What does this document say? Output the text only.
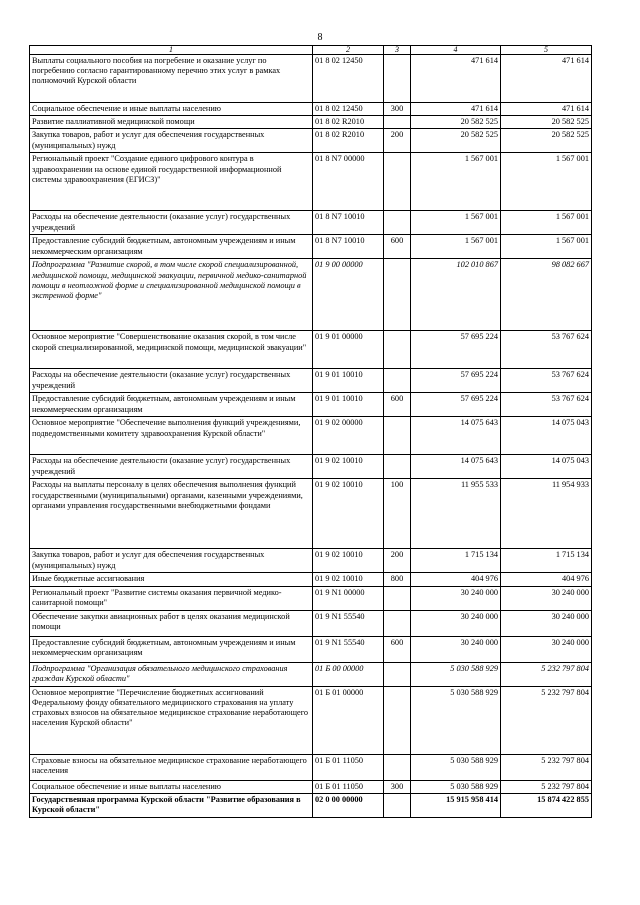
8
1	2	3	4	5
Выплаты социального пособия на погребение и оказание услуг по погребению согласно гарантированному перечню этих услуг в рамках полномочий Курской области	01 8 02 12450		471 614	471 614
Социальное обеспечение и иные выплаты населению	01 8 02 12450	300	471 614	471 614
Развитие паллиативной медицинской помощи	01 8 02 R2010		20 582 525	20 582 525
Закупка товаров, работ и услуг для обеспечения государственных (муниципальных) нужд	01 8 02 R2010	200	20 582 525	20 582 525
Региональный проект "Создание единого цифрового контура в здравоохранении на основе единой государственной информационной системы здравоохранения (ЕГИСЗ)"	01 8 N7 00000		1 567 001	1 567 001
Расходы на обеспечение деятельности (оказание услуг) государственных учреждений	01 8 N7 10010		1 567 001	1 567 001
Предоставление субсидий бюджетным, автономным учреждениям и иным некоммерческим организациям	01 8 N7 10010	600	1 567 001	1 567 001
Подпрограмма "Развитие скорой, в том числе скорой специализированной, медицинской помощи, медицинской эвакуации, первичной медико-санитарной помощи в неотложной форме и специализированной медицинской помощи в экстренной форме"	01 9 00 00000		102 010 867	98 082 667
Основное мероприятие "Совершенствование оказания скорой, в том числе скорой специализированной, медицинской помощи, медицинской эвакуации"	01 9 01 00000		57 695 224	53 767 624
Расходы на обеспечение деятельности (оказание услуг) государственных учреждений	01 9 01 10010		57 695 224	53 767 624
Предоставление субсидий бюджетным, автономным учреждениям и иным некоммерческим организациям	01 9 01 10010	600	57 695 224	53 767 624
Основное мероприятие "Обеспечение выполнения функций учреждениями, подведомственными комитету здравоохранения Курской области"	01 9 02 00000		14 075 643	14 075 043
Расходы на обеспечение деятельности (оказание услуг) государственных учреждений	01 9 02 10010		14 075 643	14 075 043
Расходы на выплаты персоналу в целях обеспечения выполнения функций государственными (муниципальными) органами, казенными учреждениями, органами управления государственными внебюджетными фондами	01 9 02 10010	100	11 955 533	11 954 933
Закупка товаров, работ и услуг для обеспечения государственных (муниципальных) нужд	01 9 02 10010	200	1 715 134	1 715 134
Иные бюджетные ассигнования	01 9 02 10010	800	404 976	404 976
Региональный проект "Развитие системы оказания первичной медико-санитарной помощи"	01 9 N1 00000		30 240 000	30 240 000
Обеспечение закупки авиационных работ в целях оказания медицинской помощи	01 9 N1 55540		30 240 000	30 240 000
Предоставление субсидий бюджетным, автономным учреждениям и иным некоммерческим организациям	01 9 N1 55540	600	30 240 000	30 240 000
Подпрограмма "Организация обязательного медицинского страхования граждан Курской области"	01 Б 00 00000		5 030 588 929	5 232 797 804
Основное мероприятие "Перечисление бюджетных ассигнований Федеральному фонду обязательного медицинского страхования на уплату страховых взносов на обязательное медицинское страхование неработающего населения Курской области"	01 Б 01 00000		5 030 588 929	5 232 797 804
Страховые взносы на обязательное медицинское страхование неработающего населения	01 Б 01 11050		5 030 588 929	5 232 797 804
Социальное обеспечение и иные выплаты населению	01 Б 01 11050	300	5 030 588 929	5 232 797 804
Государственная программа Курской области "Развитие образования в Курской области"	02 0 00 00000		15 915 958 414	15 874 422 855
